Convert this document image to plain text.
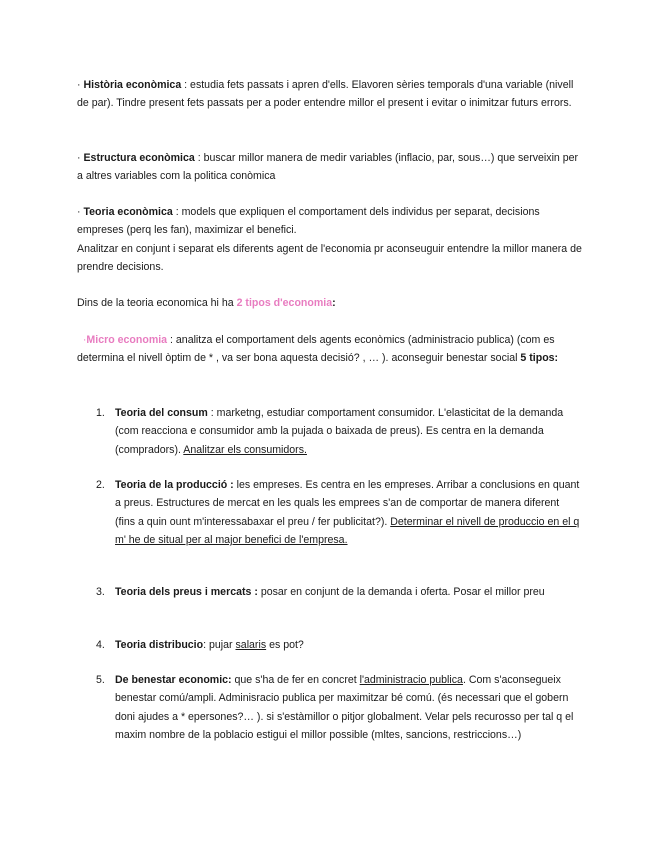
· Història econòmica : estudia fets passats i apren d'ells. Elavoren sèries temporals d'una variable (nivell de par). Tindre present fets passats per a poder entendre millor el present i evitar o inimitzar futurs errors.
· Estructura econòmica : buscar millor manera de medir variables (inflacio, par, sous…) que serveixin per a altres variables com la politica conòmica
· Teoria econòmica : models que expliquen el comportament dels individus per separat, decisions empreses (perq les fan), maximizar el benefici.
Analitzar en conjunt i separat els diferents agent de l'economia pr aconseuguir entendre la millor manera de prendre decisions.
Dins de la teoria economica hi ha 2 tipos d'economia:
·Micro economia : analitza el comportament dels agents econòmics (administracio publica) (com es determina el nivell òptim de * , va ser bona aquesta decisió? , … ). aconseguir benestar social 5 tipos:
1. Teoria del consum : marketng, estudiar comportament consumidor. L'elasticitat de la demanda (com reacciona e consumidor amb la pujada o baixada de preus). Es centra en la demanda (compradors). Analitzar els consumidors.
2. Teoria de la producció : les empreses. Es centra en les empreses. Arribar a conclusions en quant a preus. Estructures de mercat en les quals les emprees s'an de comportar de manera diferent (fins a quin ount m'interessabaxar el preu / fer publicitat?). Determinar el nivell de produccio en el q m' he de situal per al major benefici de l'empresa.
3. Teoria dels preus i mercats : posar en conjunt de la demanda i oferta. Posar el millor preu
4. Teoria distribucio: pujar salaris es pot?
5. De benestar economic: que s'ha de fer en concret l'administracio publica. Com s'aconsegueix benestar comú/ampli. Adminisracio publica per maximitzar bé comú. (és necessari que el gobern doni ajudes a * epersones?… ). si s'estàmillor o pitjor globalment. Velar pels recurosso per tal q el maxim nombre de la poblacio estigui el millor possible (mltes, sancions, restriccions…)
